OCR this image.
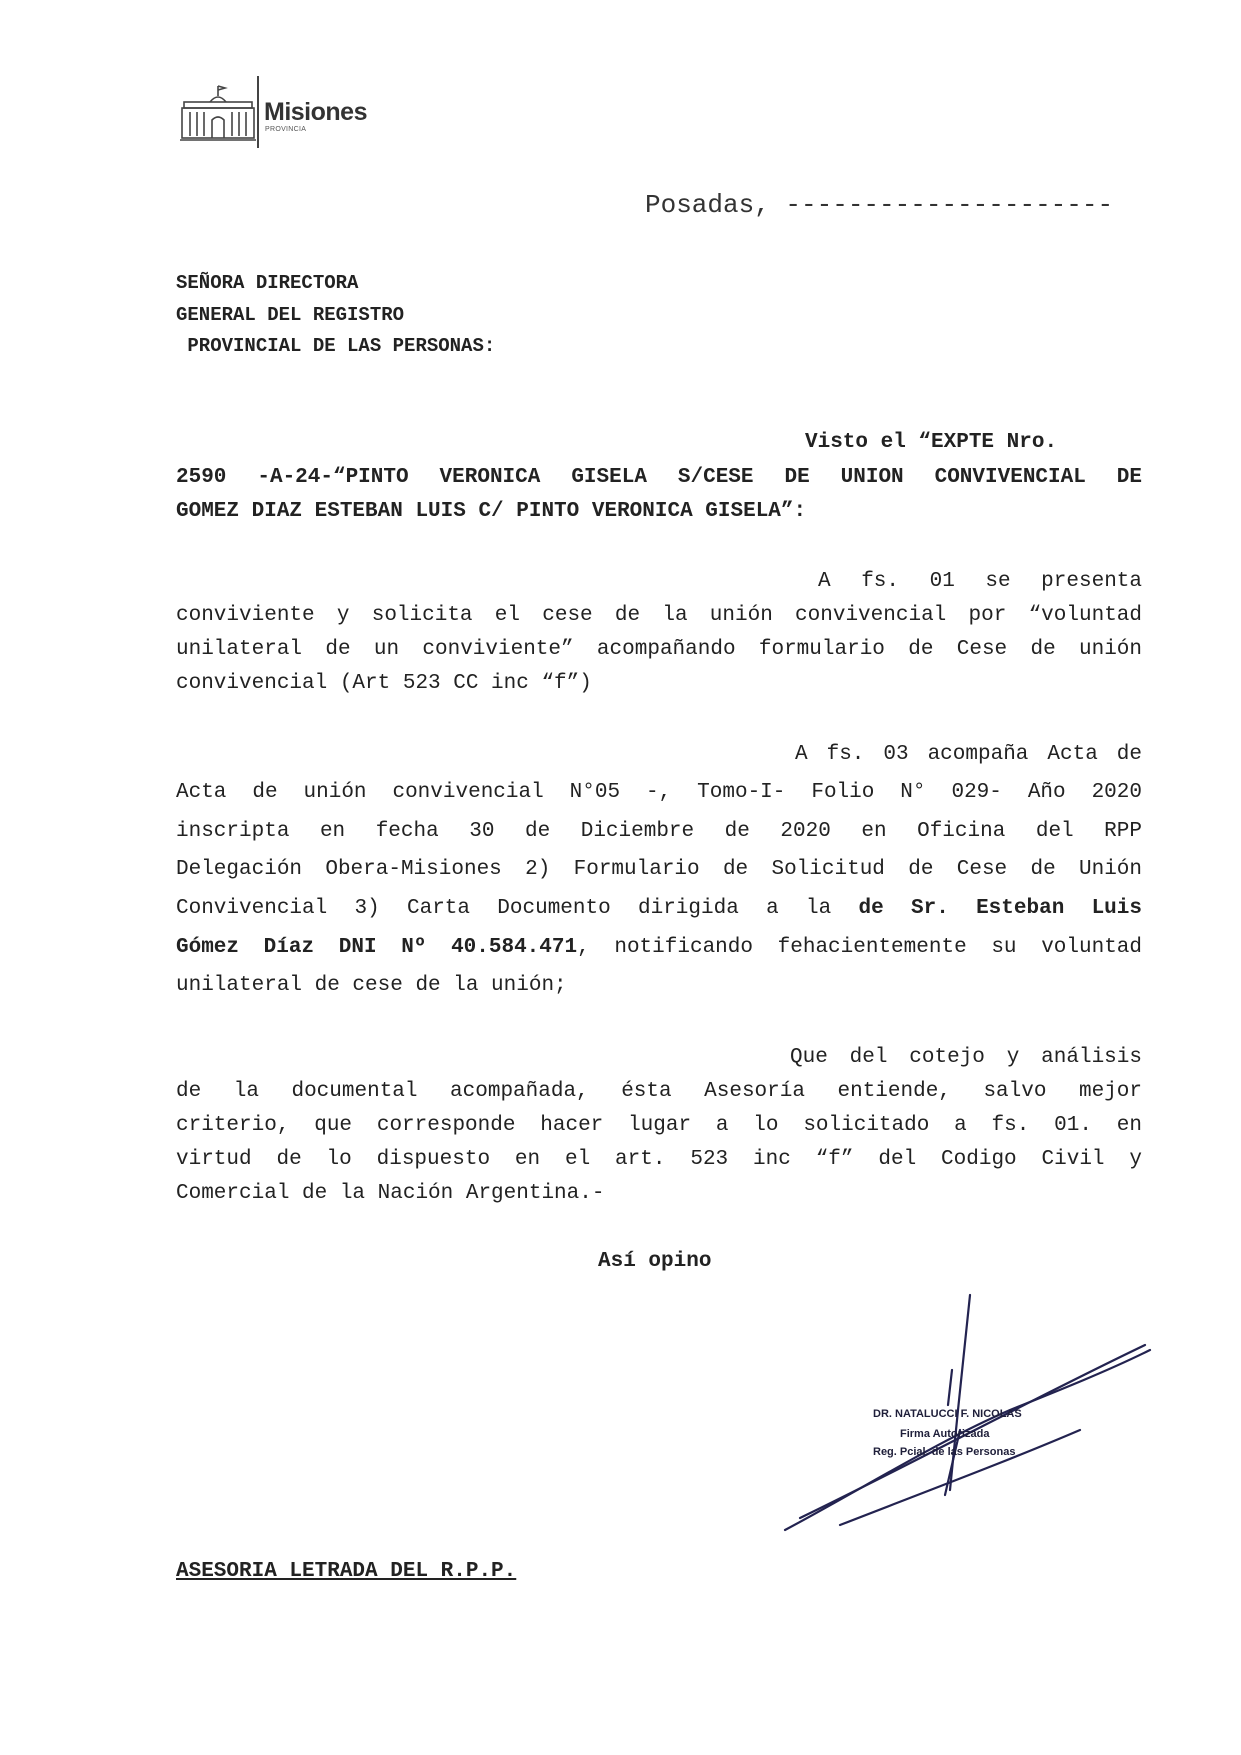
Misiones
PROVINCIA
Posadas, ---------------------
SEÑORA DIRECTORA
GENERAL DEL REGISTRO
PROVINCIAL DE LAS PERSONAS:
Visto el “EXPTE Nro.
2590 -A-24-“PINTO VERONICA GISELA S/CESE DE UNION CONVIVENCIAL DE
GOMEZ DIAZ ESTEBAN LUIS C/ PINTO VERONICA GISELA”:
A fs. 01 se presenta
conviviente y solicita el cese de la unión convivencial por “voluntad
unilateral de un conviviente” acompañando formulario de Cese de unión
convivencial (Art 523 CC inc “f”)
A fs. 03 acompaña Acta de
Acta de unión convivencial N°05 -, Tomo-I- Folio N° 029- Año 2020
inscripta en fecha 30 de Diciembre de 2020 en Oficina del RPP
Delegación Obera-Misiones 2) Formulario de Solicitud de Cese de Unión
Convivencial 3) Carta Documento dirigida a la de Sr. Esteban Luis
Gómez Díaz DNI Nº 40.584.471, notificando fehacientemente su voluntad
unilateral de cese de la unión;
Que del cotejo y análisis
de la documental acompañada, ésta Asesoría entiende, salvo mejor
criterio, que corresponde hacer lugar a lo solicitado a fs. 01. en
virtud de lo dispuesto en el art. 523 inc “f” del Codigo Civil y
Comercial de la Nación Argentina.-
Así opino
DR. NATALUCCI F. NICOLAS
Firma Autorizada
Reg. Pcial. de las Personas
ASESORIA LETRADA DEL R.P.P.
